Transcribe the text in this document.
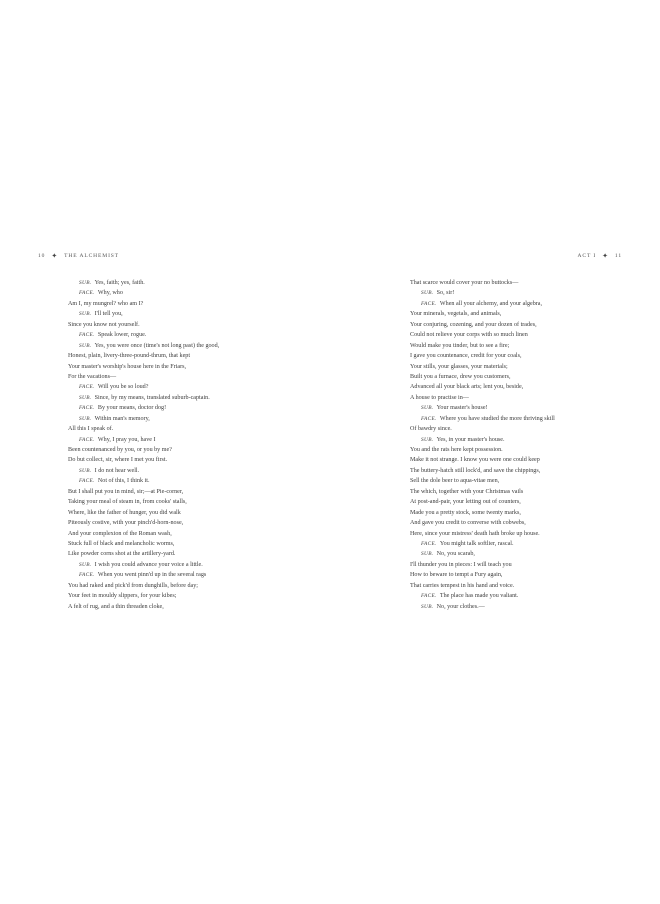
10 ✦ THE ALCHEMIST	ACT I ✦ 11
SUB. Yes, faith; yes, faith.
FACE. Why, who
Am I, my mungrel? who am I?
SUB. I'll tell you,
Since you know not yourself.
FACE. Speak lower, rogue.
SUB. Yes, you were once (time's not long past) the good,
Honest, plain, livery-three-pound-thrum, that kept
Your master's worship's house here in the Friars,
For the vacations—
FACE. Will you be so loud?
SUB. Since, by my means, translated suburb-captain.
FACE. By your means, doctor dog!
SUB. Within man's memory,
All this I speak of.
FACE. Why, I pray you, have I
Been countenanced by you, or you by me?
Do but collect, sir, where I met you first.
SUB. I do not hear well.
FACE. Not of this, I think it.
But I shall put you in mind, sir;—at Pie-corner,
Taking your meal of steam in, from cooks' stalls,
Where, like the father of hunger, you did walk
Piteously costive, with your pinch'd-horn-nose,
And your complexion of the Roman wash,
Stuck full of black and melancholic worms,
Like powder corns shot at the artillery-yard.
SUB. I wish you could advance your voice a little.
FACE. When you went pinn'd up in the several rags
You had raked and pick'd from dunghills, before day;
Your feet in mouldy slippers, for your kibes;
A felt of rug, and a thin threaden cloke,
That scarce would cover your no buttocks—
SUB. So, sir!
FACE. When all your alchemy, and your algebra,
Your minerals, vegetals, and animals,
Your conjuring, cozening, and your dozen of trades,
Could not relieve your corps with so much linen
Would make you tinder, but to see a fire;
I gave you countenance, credit for your coals,
Your stills, your glasses, your materials;
Built you a furnace, drew you customers,
Advanced all your black arts; lent you, beside,
A house to practise in—
SUB. Your master's house!
FACE. Where you have studied the more thriving skill
Of bawdry since.
SUB. Yes, in your master's house.
You and the rats here kept possession.
Make it not strange. I know you were one could keep
The buttery-hatch still lock'd, and save the chippings,
Sell the dole beer to aqua-vitae men,
The which, together with your Christmas vails
At post-and-pair, your letting out of counters,
Made you a pretty stock, some twenty marks,
And gave you credit to converse with cobwebs,
Here, since your mistress' death hath broke up house.
FACE. You might talk softlier, rascal.
SUB. No, you scarab,
I'll thunder you in pieces: I will teach you
How to beware to tempt a Fury again,
That carries tempest in his hand and voice.
FACE. The place has made you valiant.
SUB. No, your clothes.—
